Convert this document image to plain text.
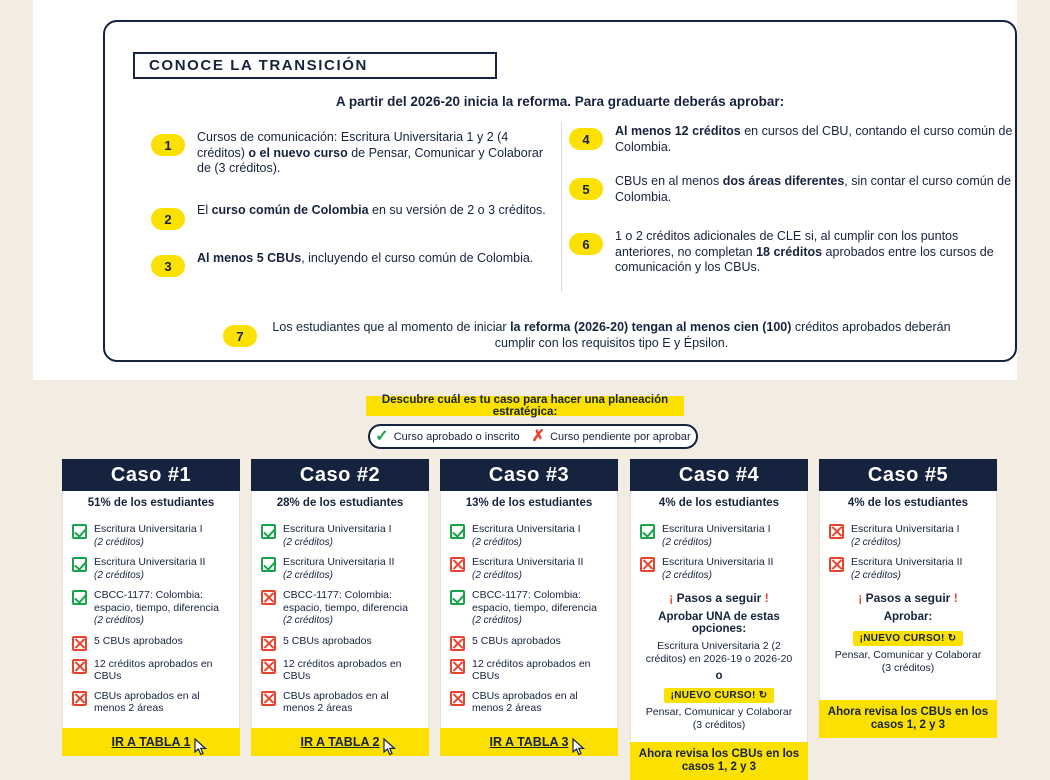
CONOCE LA TRANSICIÓN
A partir del 2026-20 inicia la reforma. Para graduarte deberás aprobar:
1
Cursos de comunicación: Escritura Universitaria 1 y 2 (4 créditos) o el nuevo curso de Pensar, Comunicar y Colaborar de (3 créditos).
2
El curso común de Colombia en su versión de 2 o 3 créditos.
3
Al menos 5 CBUs, incluyendo el curso común de Colombia.
4
Al menos 12 créditos en cursos del CBU, contando el curso común de Colombia.
5
CBUs en al menos dos áreas diferentes, sin contar el curso común de Colombia.
6
1 o 2 créditos adicionales de CLE si, al cumplir con los puntos anteriores, no completan 18 créditos aprobados entre los cursos de comunicación y los CBUs.
7
Los estudiantes que al momento de iniciar la reforma (2026-20) tengan al menos cien (100) créditos aprobados deberán cumplir con los requisitos tipo E y Épsilon.
Descubre cuál es tu caso para hacer una planeación estratégica:
✓ Curso aprobado o inscrito ✗ Curso pendiente por aprobar
Caso #1
51% de los estudiantes
Escritura Universitaria I
(2 créditos)
Escritura Universitaria II
(2 créditos)
CBCC-1177: Colombia: espacio, tiempo, diferencia
(2 créditos)
5 CBUs aprobados
12 créditos aprobados en CBUs
CBUs aprobados en al menos 2 áreas
IR A TABLA 1
Caso #2
28% de los estudiantes
Escritura Universitaria I
(2 créditos)
Escritura Universitaria II
(2 créditos)
CBCC-1177: Colombia: espacio, tiempo, diferencia
(2 créditos)
5 CBUs aprobados
12 créditos aprobados en CBUs
CBUs aprobados en al menos 2 áreas
IR A TABLA 2
Caso #3
13% de los estudiantes
Escritura Universitaria I
(2 créditos)
Escritura Universitaria II
(2 créditos)
CBCC-1177: Colombia: espacio, tiempo, diferencia
(2 créditos)
5 CBUs aprobados
12 créditos aprobados en CBUs
CBUs aprobados en al menos 2 áreas
IR A TABLA 3
Caso #4
4% de los estudiantes
Escritura Universitaria I
(2 créditos)
Escritura Universitaria II
(2 créditos)
¡ Pasos a seguir !
Aprobar UNA de estas opciones:
Escritura Universitaria 2 (2 créditos) en 2026-19 o 2026-20
o
¡NUEVO CURSO! ↻
Pensar, Comunicar y Colaborar (3 créditos)
Ahora revisa los CBUs en los casos 1, 2 y 3
Caso #5
4% de los estudiantes
Escritura Universitaria I
(2 créditos)
Escritura Universitaria II
(2 créditos)
¡ Pasos a seguir !
Aprobar:
¡NUEVO CURSO! ↻
Pensar, Comunicar y Colaborar (3 créditos)
Ahora revisa los CBUs en los casos 1, 2 y 3
